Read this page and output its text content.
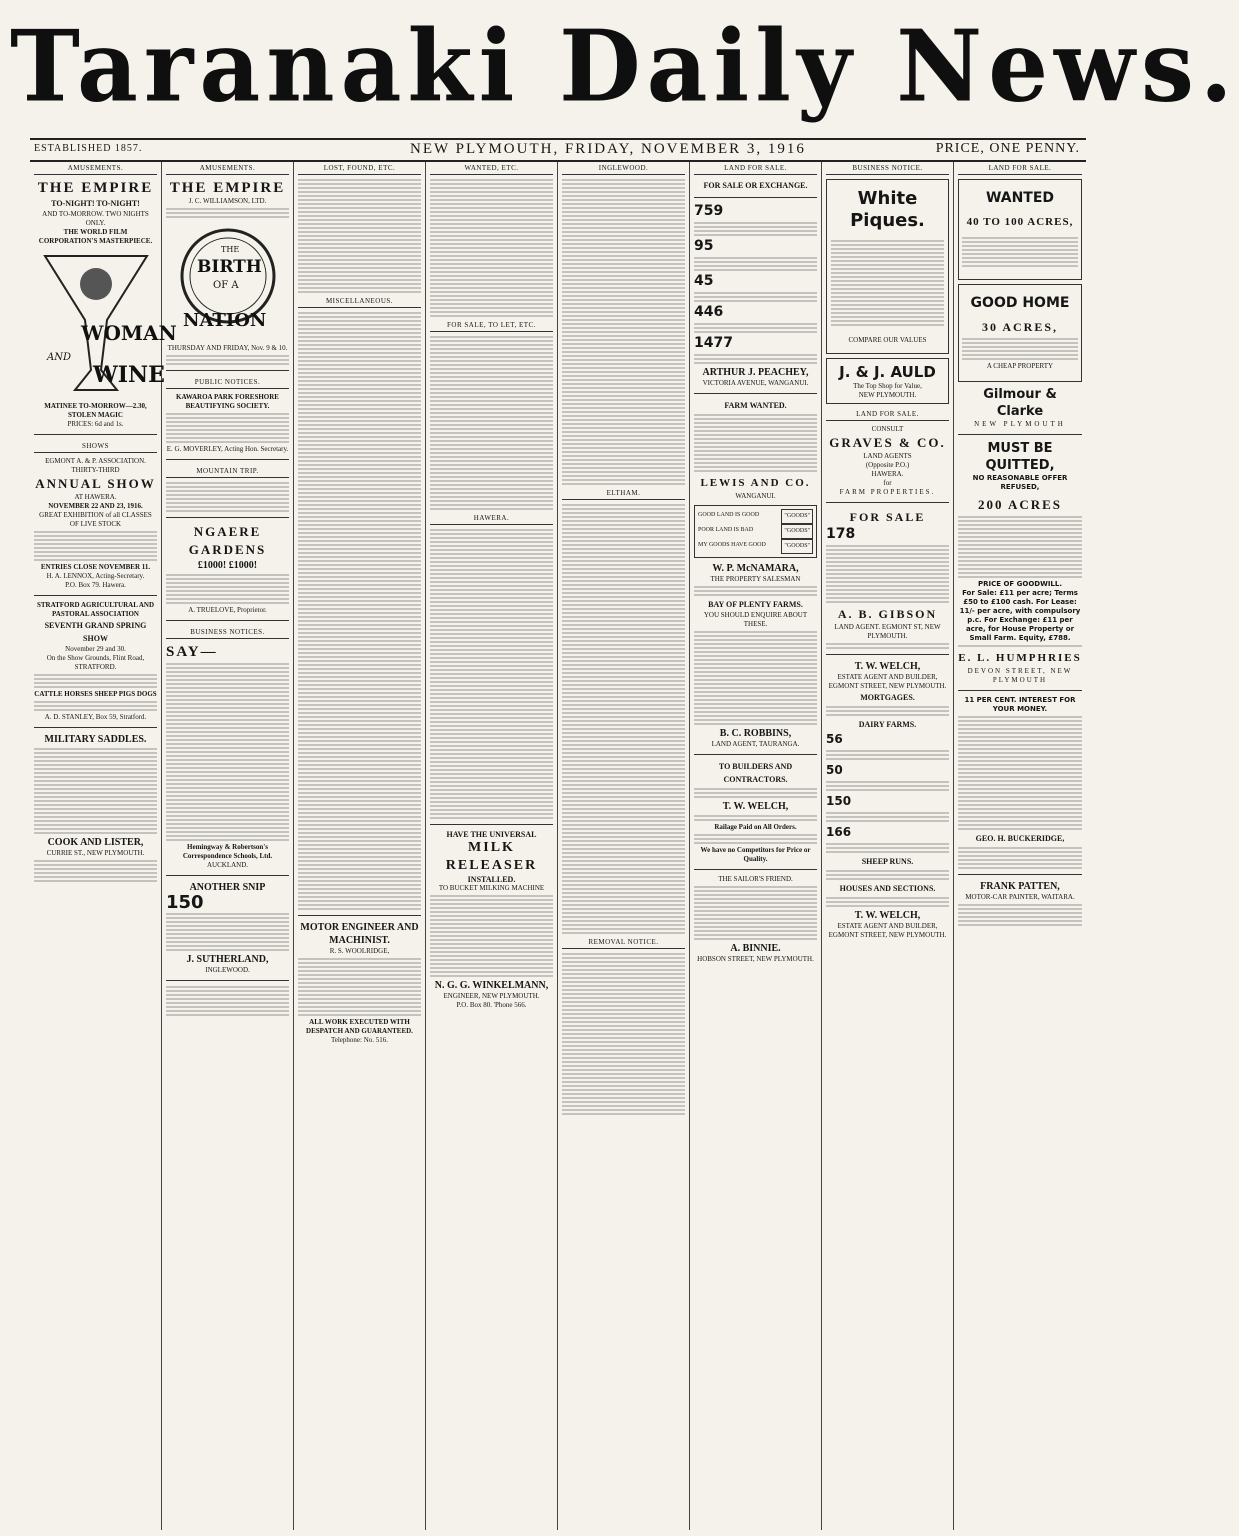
Taranaki Daily News.
ESTABLISHED 1857.	NEW PLYMOUTH, FRIDAY, NOVEMBER 3, 1916	PRICE, ONE PENNY.
AMUSEMENTS.
THE EMPIRE
TO-NIGHT! TO-NIGHT!
AND TO-MORROW. TWO NIGHTS ONLY.
THE WORLD FILM CORPORATION'S MASTERPIECE.
WOMAN
AND
WINE
MATINEE TO-MORROW—2.30, STOLEN MAGIC
PRICES: 6d and 1s.
SHOWS
EGMONT A. & P. ASSOCIATION. THIRTY-THIRD
ANNUAL SHOW
AT HAWERA.
NOVEMBER 22 AND 23, 1916.
GREAT EXHIBITION of all CLASSES OF LIVE STOCK
ENTRIES CLOSE NOVEMBER 11.
H. A. LENNOX, Acting-Secretary.
P.O. Box 79. Hawera.
STRATFORD AGRICULTURAL AND PASTORAL ASSOCIATION
SEVENTH GRAND SPRING SHOW
November 29 and 30.
On the Show Grounds, Flint Road, STRATFORD.
CATTLE HORSES SHEEP PIGS DOGS
A. D. STANLEY, Box 59, Stratford.
MILITARY SADDLES.
COOK AND LISTER,
CURRIE ST., NEW PLYMOUTH.
AMUSEMENTS.
THE EMPIRE
J. C. WILLIAMSON, LTD.
THE
BIRTH
OF A
NATION
THURSDAY AND FRIDAY, Nov. 9 & 10.
PUBLIC NOTICES.
KAWAROA PARK FORESHORE BEAUTIFYING SOCIETY.
E. G. MOVERLEY, Acting Hon. Secretary.
MOUNTAIN TRIP.
NGAERE GARDENS
£1000! £1000!
A. TRUELOVE, Proprietor.
BUSINESS NOTICES.
SAY—
Hemingway & Robertson's Correspondence Schools, Ltd.
AUCKLAND.
ANOTHER SNIP
150
J. SUTHERLAND,
INGLEWOOD.
LOST, FOUND, ETC.
MISCELLANEOUS.
MOTOR ENGINEER AND MACHINIST.
R. S. WOOLRIDGE,
ALL WORK EXECUTED WITH DESPATCH AND GUARANTEED.
Telephone: No. 516.
WANTED, ETC.
FOR SALE, TO LET, ETC.
HAWERA.
HAVE THE UNIVERSAL
MILK RELEASER
INSTALLED.
TO BUCKET MILKING MACHINE
N. G. G. WINKELMANN,
ENGINEER, NEW PLYMOUTH.
P.O. Box 80. 'Phone 566.
INGLEWOOD.
ELTHAM.
REMOVAL NOTICE.
LAND FOR SALE.
FOR SALE OR EXCHANGE.
759
95
45
446
1477
ARTHUR J. PEACHEY,
VICTORIA AVENUE, WANGANUI.
FARM WANTED.
LEWIS AND CO.
WANGANUI.
GOOD LAND IS GOOD	"GOODS"
POOR LAND IS BAD	"GOODS"
MY GOODS HAVE GOOD	"GOODS"
W. P. McNAMARA,
THE PROPERTY SALESMAN
BAY OF PLENTY FARMS.
YOU SHOULD ENQUIRE ABOUT THESE.
B. C. ROBBINS,
LAND AGENT, TAURANGA.
TO BUILDERS AND CONTRACTORS.
T. W. WELCH,
Railage Paid on All Orders.
We have no Competitors for Price or Quality.
THE SAILOR'S FRIEND.
A. BINNIE.
HOBSON STREET, NEW PLYMOUTH.
BUSINESS NOTICE.
White
Piques.
COMPARE OUR VALUES
J. & J. AULD
The Top Shop for Value,
NEW PLYMOUTH.
LAND FOR SALE.
CONSULT
GRAVES & CO.
LAND AGENTS
(Opposite P.O.)
HAWERA.
for
FARM PROPERTIES.
FOR SALE
178
A. B. GIBSON
LAND AGENT. EGMONT ST, NEW PLYMOUTH.
T. W. WELCH,
ESTATE AGENT AND BUILDER, EGMONT STREET, NEW PLYMOUTH.
MORTGAGES.
DAIRY FARMS.
56
50
150
166
SHEEP RUNS.
HOUSES AND SECTIONS.
T. W. WELCH,
ESTATE AGENT AND BUILDER, EGMONT STREET, NEW PLYMOUTH.
LAND FOR SALE.
WANTED
40 TO 100 ACRES,
GOOD HOME
30 ACRES,
A CHEAP PROPERTY
Gilmour & Clarke
NEW PLYMOUTH
MUST BE QUITTED,
NO REASONABLE OFFER REFUSED,
200 ACRES
PRICE OF GOODWILL.
For Sale: £11 per acre; Terms £50 to £100 cash. For Lease: 11/- per acre, with compulsory p.c. For Exchange: £11 per acre, for House Property or Small Farm. Equity, £788.
E. L. HUMPHRIES
DEVON STREET, NEW PLYMOUTH
11 PER CENT. INTEREST FOR YOUR MONEY.
GEO. H. BUCKERIDGE,
FRANK PATTEN,
MOTOR-CAR PAINTER, WAITARA.
